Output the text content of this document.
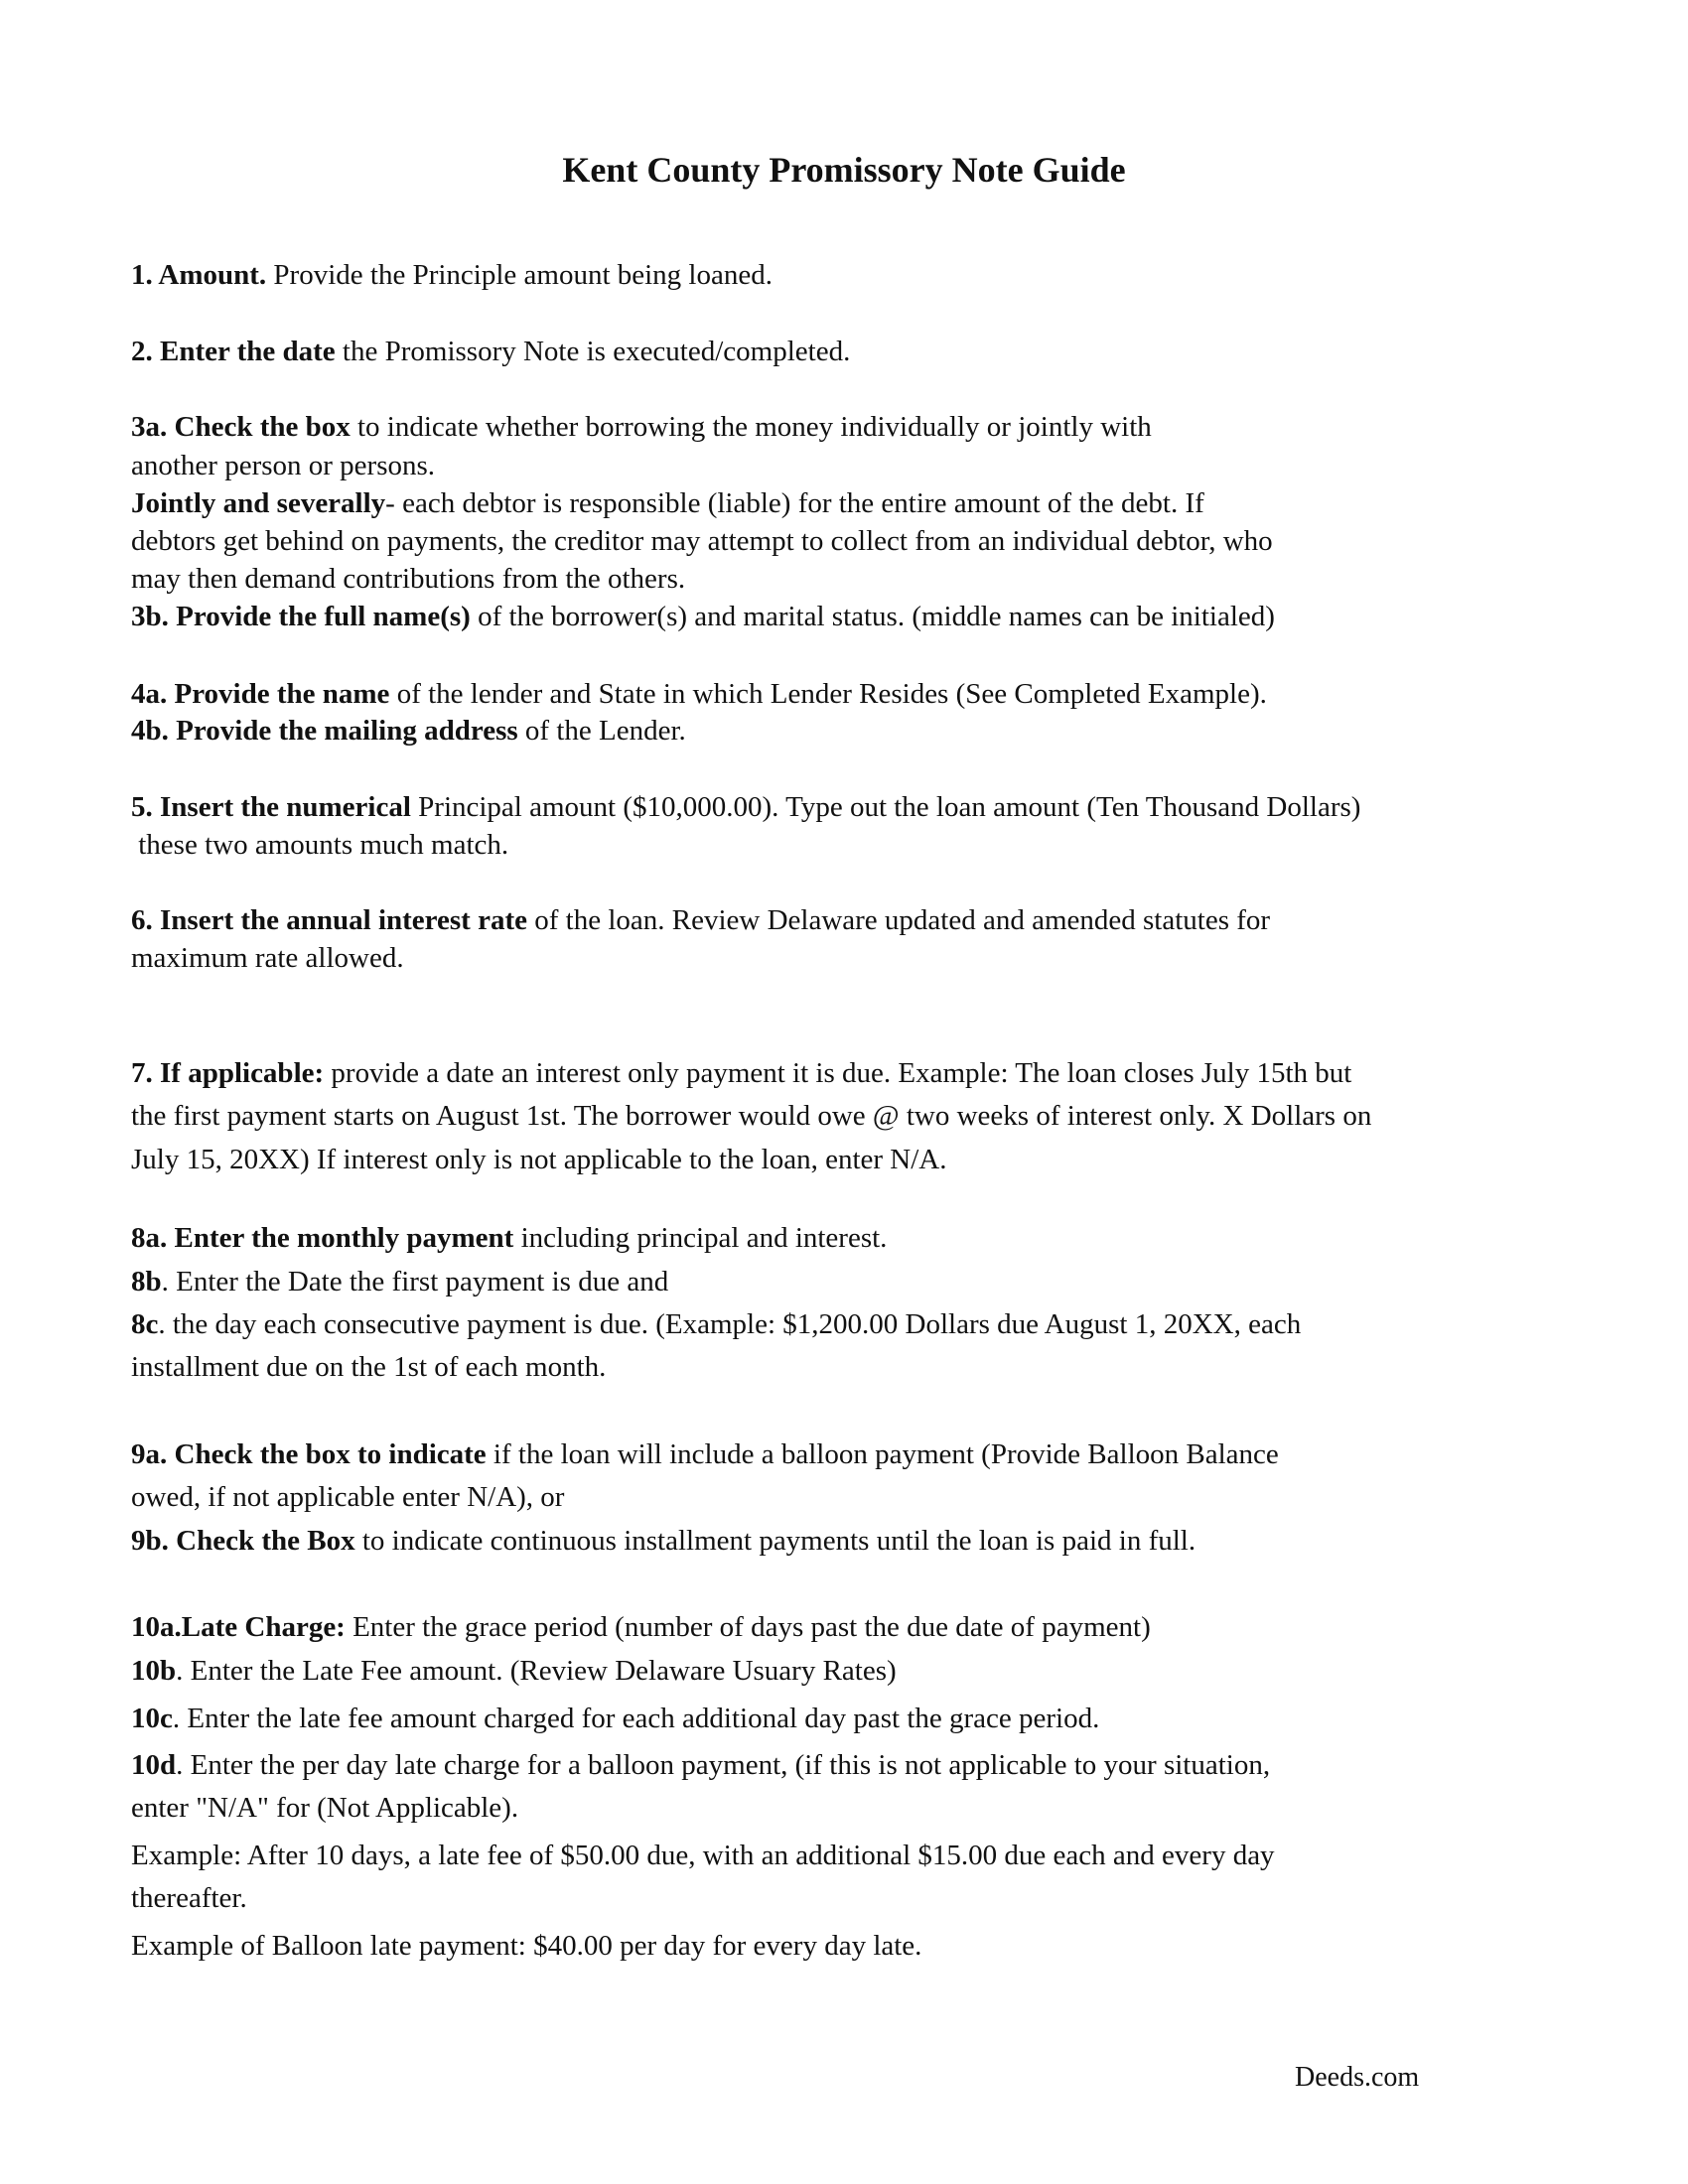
Kent County Promissory Note Guide
1. Amount. Provide the Principle amount being loaned.
2. Enter the date the Promissory Note is executed/completed.
3a. Check the box to indicate whether borrowing the money individually or jointly with
another person or persons.
Jointly and severally- each debtor is responsible (liable) for the entire amount of the debt. If
debtors get behind on payments, the creditor may attempt to collect from an individual debtor, who
may then demand contributions from the others.
3b. Provide the full name(s) of the borrower(s) and marital status. (middle names can be initialed)
4a. Provide the name of the lender and State in which Lender Resides (See Completed Example).
4b. Provide the mailing address of the Lender.
5. Insert the numerical Principal amount ($10,000.00). Type out the loan amount (Ten Thousand Dollars)
these two amounts much match.
6. Insert the annual interest rate of the loan. Review Delaware updated and amended statutes for
maximum rate allowed.
7. If applicable: provide a date an interest only payment it is due. Example: The loan closes July 15th but
the first payment starts on August 1st. The borrower would owe @ two weeks of interest only. X Dollars on
July 15, 20XX) If interest only is not applicable to the loan, enter N/A.
8a. Enter the monthly payment including principal and interest.
8b. Enter the Date the first payment is due and
8c. the day each consecutive payment is due. (Example: $1,200.00 Dollars due August 1, 20XX, each
installment due on the 1st of each month.
9a. Check the box to indicate if the loan will include a balloon payment (Provide Balloon Balance
owed, if not applicable enter N/A), or
9b. Check the Box to indicate continuous installment payments until the loan is paid in full.
10a.Late Charge: Enter the grace period (number of days past the due date of payment)
10b. Enter the Late Fee amount. (Review Delaware Usuary Rates)
10c. Enter the late fee amount charged for each additional day past the grace period.
10d. Enter the per day late charge for a balloon payment, (if this is not applicable to your situation,
enter "N/A" for (Not Applicable).
Example: After 10 days, a late fee of $50.00 due, with an additional $15.00 due each and every day
thereafter.
Example of Balloon late payment: $40.00 per day for every day late.
Deeds.com
